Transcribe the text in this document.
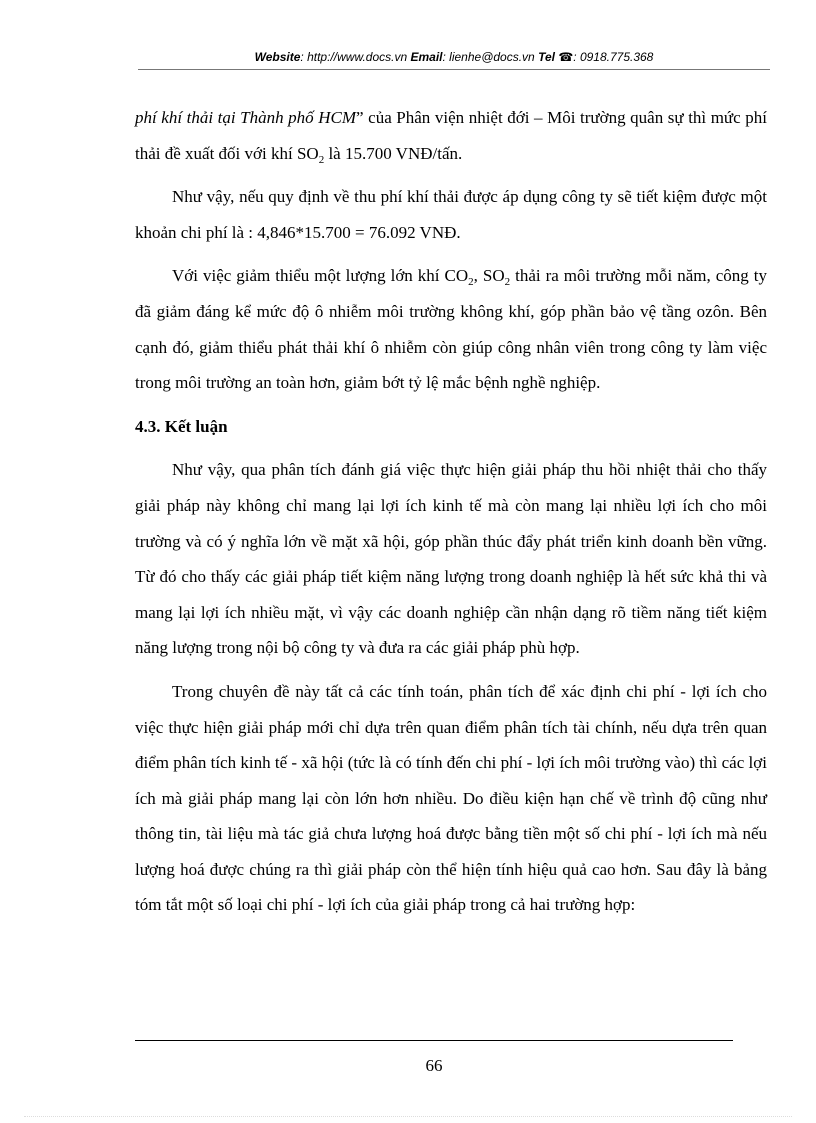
Website: http://www.docs.vn Email: lienhe@docs.vn Tel ☎: 0918.775.368

phí khí thải tại Thành phố HCM” của Phân viện nhiệt đới – Môi trường quân sự thì mức phí thải đề xuất đối với khí $SO_2$ là 15.700 VNĐ/tấn.

Như vậy, nếu quy định về thu phí khí thải được áp dụng công ty sẽ tiết kiệm được một khoản chi phí là : 4,846*15.700 = 76.092 VNĐ.

Với việc giảm thiểu một lượng lớn khí $CO_2$, $SO_2$ thải ra môi trường mỗi năm, công ty đã giảm đáng kể mức độ ô nhiễm môi trường không khí, góp phần bảo vệ tầng ozôn. Bên cạnh đó, giảm thiểu phát thải khí ô nhiễm còn giúp công nhân viên trong công ty làm việc trong môi trường an toàn hơn, giảm bớt tỷ lệ mắc bệnh nghề nghiệp.

4.3. Kết luận

Như vậy, qua phân tích đánh giá việc thực hiện giải pháp thu hồi nhiệt thải cho thấy giải pháp này không chỉ mang lại lợi ích kinh tế mà còn mang lại nhiều lợi ích cho môi trường và có ý nghĩa lớn về mặt xã hội, góp phần thúc đẩy phát triển kinh doanh bền vững. Từ đó cho thấy các giải pháp tiết kiệm năng lượng trong doanh nghiệp là hết sức khả thi và mang lại lợi ích nhiều mặt, vì vậy các doanh nghiệp cần nhận dạng rõ tiềm năng tiết kiệm năng lượng trong nội bộ công ty và đưa ra các giải pháp phù hợp.

Trong chuyên đề này tất cả các tính toán, phân tích để xác định chi phí - lợi ích cho việc thực hiện giải pháp mới chỉ dựa trên quan điểm phân tích tài chính, nếu dựa trên quan điểm phân tích kinh tế - xã hội (tức là có tính đến chi phí - lợi ích môi trường vào) thì các lợi ích mà giải pháp mang lại còn lớn hơn nhiều. Do điều kiện hạn chế về trình độ cũng như thông tin, tài liệu mà tác giả chưa lượng hoá được bằng tiền một số chi phí - lợi ích mà nếu lượng hoá được chúng ra thì giải pháp còn thể hiện tính hiệu quả cao hơn. Sau đây là bảng tóm tắt một số loại chi phí - lợi ích của giải pháp trong cả hai trường hợp:

66
